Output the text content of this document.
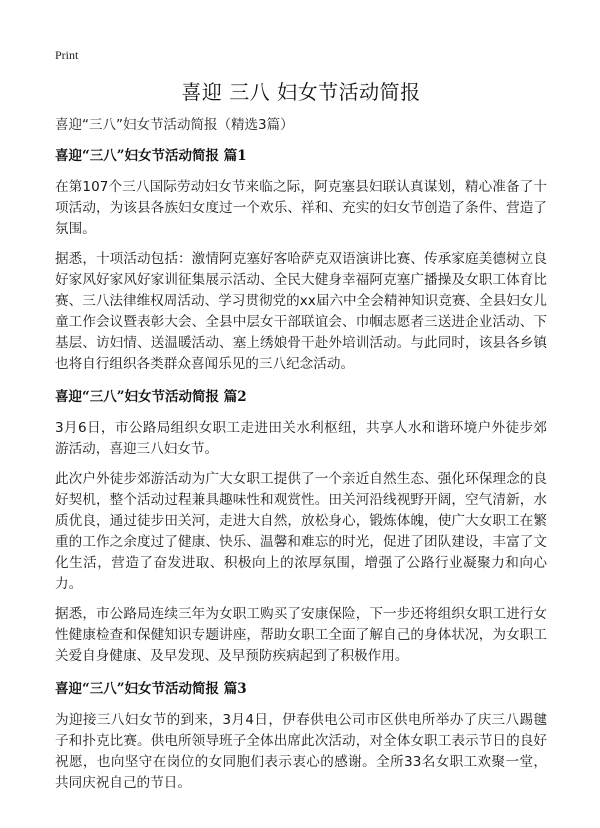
Print
喜迎 三八 妇女节活动简报
喜迎“三八”妇女节活动简报（精选3篇）
喜迎“三八”妇女节活动简报 篇1

在第107个三八国际劳动妇女节来临之际，阿克塞县妇联认真谋划，精心准备了十项活动，为该县各族妇女度过一个欢乐、祥和、充实的妇女节创造了条件、营造了氛围。

据悉，十项活动包括：激情阿克塞好客哈萨克双语演讲比赛、传承家庭美德树立良好家风好家风好家训征集展示活动、全民大健身幸福阿克塞广播操及女职工体育比赛、三八法律维权周活动、学习贯彻党的xx届六中全会精神知识竞赛、全县妇女儿童工作会议暨表彰大会、全县中层女干部联谊会、巾帼志愿者三送进企业活动、下基层、访妇情、送温暖活动、塞上绣娘骨干赴外培训活动。与此同时，该县各乡镇也将自行组织各类群众喜闻乐见的三八纪念活动。

喜迎“三八”妇女节活动简报 篇2

3月6日，市公路局组织女职工走进田关水利枢纽，共享人水和谐环境户外徒步郊游活动，喜迎三八妇女节。

此次户外徒步郊游活动为广大女职工提供了一个亲近自然生态、强化环保理念的良好契机，整个活动过程兼具趣味性和观赏性。田关河沿线视野开阔，空气清新，水质优良，通过徒步田关河，走进大自然，放松身心，锻炼体魄，使广大女职工在繁重的工作之余度过了健康、快乐、温馨和难忘的时光，促进了团队建设，丰富了文化生活，营造了奋发进取、积极向上的浓厚氛围，增强了公路行业凝聚力和向心力。

据悉，市公路局连续三年为女职工购买了安康保险，下一步还将组织女职工进行女性健康检查和保健知识专题讲座，帮助女职工全面了解自己的身体状况，为女职工关爱自身健康、及早发现、及早预防疾病起到了积极作用。

喜迎“三八”妇女节活动简报 篇3

为迎接三八妇女节的到来，3月4日，伊春供电公司市区供电所举办了庆三八踢毽子和扑克比赛。供电所领导班子全体出席此次活动，对全体女职工表示节日的良好祝愿，也向坚守在岗位的女同胞们表示衷心的感谢。全所33名女职工欢聚一堂，共同庆祝自己的节日。
